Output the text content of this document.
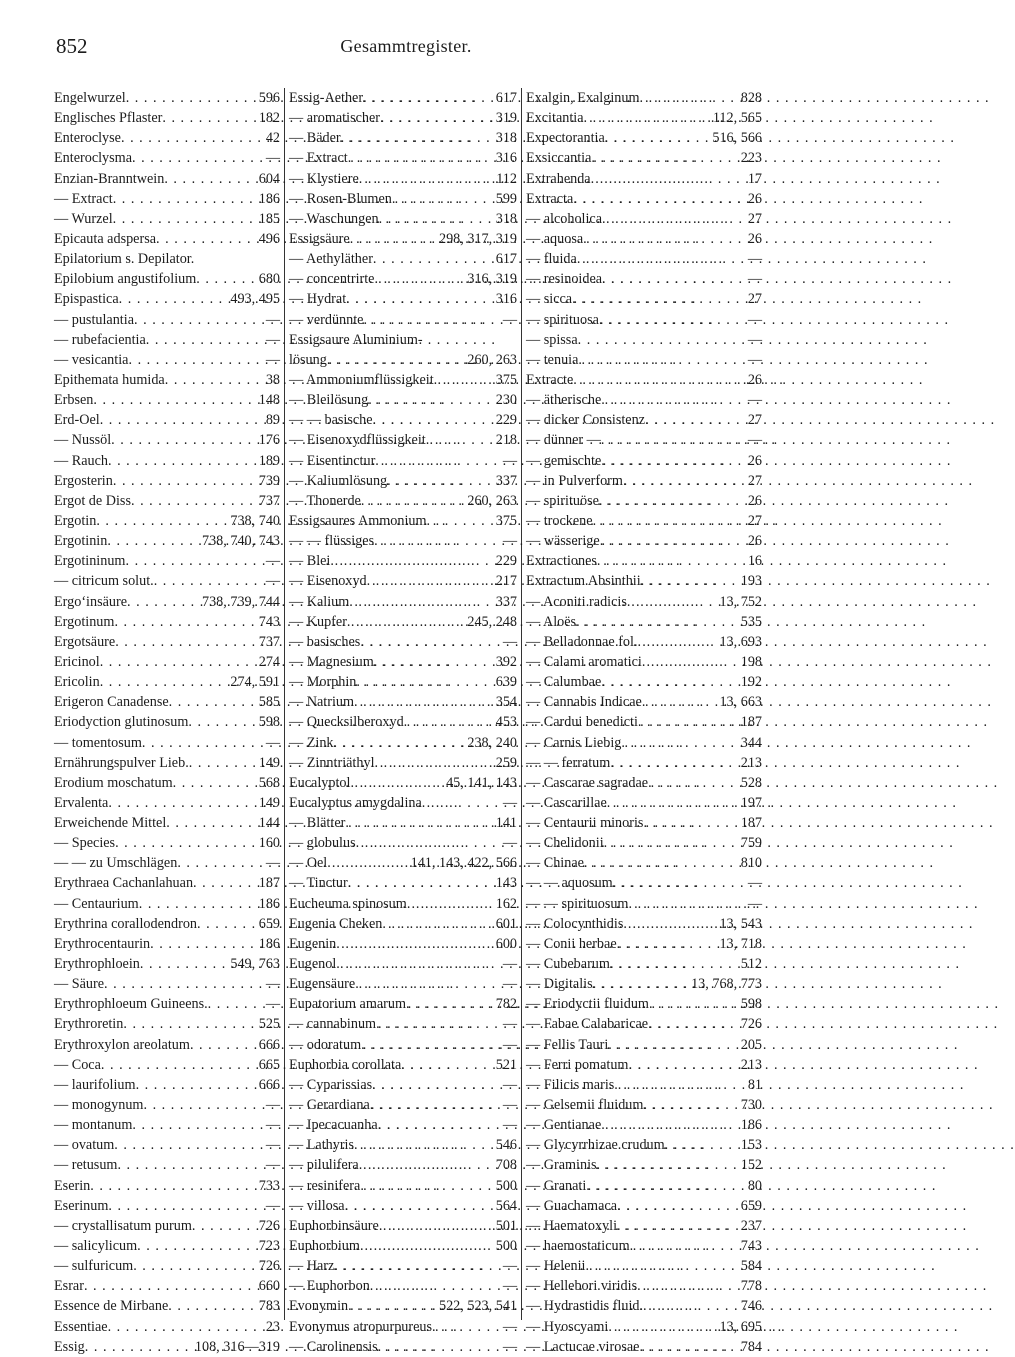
852	Gesammtregister.
Engelwurzel . . .	596
Englisches Pflaster . . .	182
Enteroclyse . . .	42
Enteroclysma . . .	—
Enzian-Branntwein . . .	604
— Extract . . .	186
— Wurzel . . .	185
Epicauta adspersa . . .	496
Epilatorium s. Depilator.
Epilobium angustifolium . . .	680
Epispastica . . .	493, 495
— pustulantia . . .	—
— rubefacientia . . .	—
— vesicantia . . .	—
Epithemata humida . . .	38
Erbsen . . .	148
Erd-Oel . . .	89
— Nussöl . . .	176
— Rauch . . .	189
Ergosterin . . .	739
Ergot de Diss . . .	737
Ergotin . . .	738, 740
Ergotinin . . .	738, 740, 743
Ergotininum . . .	—
— citricum solut. . . .	—
Ergo‘insäure . . .	738, 739, 744
Ergotinum . . .	743
Ergotsäure . . .	737
Ericinol . . .	274
Ericolin . . .	274, 591
Erigeron Canadense . . .	585
Eriodyction glutinosum . . .	598
— tomentosum . . .	—
Ernährungspulver Lieb. . . .	149
Erodium moschatum . . .	568
Ervalenta . . .	149
Erweichende Mittel . . .	144
— Species . . .	160
— — zu Umschlägen . . .	—
Erythraea Cachanlahuan . . .	187
— Centaurium . . .	186
Erythrina corallodendron . . .	659
Erythrocentaurin . . .	186
Erythrophloein . . .	549, 763
— Säure . . .	—
Erythrophloeum Guineens. . . .	—
Erythroretin . . .	525
Erythroxylon areolatum . . .	666
— Coca . . .	665
— laurifolium . . .	666
— monogynum . . .	—
— montanum . . .	—
— ovatum . . .	—
— retusum . . .	—
Eserin . . .	733
Eserinum . . .	—
— crystallisatum purum . . .	726
— salicylicum . . .	723
— sulfuricum . . .	726
Esrar . . .	660
Essence de Mirbane . . .	783
Essentiae . . .	23
Essig . . .	108, 316—319
Essig-Aether . . .	617
— aromatischer . . .	319
— Bäder . . .	318
— Extract . . .	316
— Klystiere . . .	112
— Rosen-Blumen . . .	599
— Waschungen . . .	318
Essigsäure . . .	298, 317, 319
— Aethyläther . . .	617
— concentrirte . . .	316, 319
— Hydrat . . .	316
— verdünnte . . .	—
Essigsaure Aluminium-
lösung . . .	260, 263
— Ammoniumflüssigkeit . . .	375
— Bleilösung . . .	230
— — basische . . .	229
— Eisenoxydflüssigkeit . . .	218
— Eisentinctur . . .	—
— Kaliumlösung . . .	337
— Thonerde . . .	260, 263
Essigsaures Ammonium . . .	375
— — flüssiges . . .	—
— Blei . . .	229
— Eisenoxyd . . .	217
— Kalium . . .	337
— Kupfer . . .	245, 248
— basisches . . .	—
— Magnesium . . .	392
— Morphin . . .	639
— Natrium . . .	354
— Quecksilberoxyd . . .	453
— Zink . . .	238, 240
— Zinntriäthyl . . .	259
Eucalyptol . . .	45, 141, 143
Eucalyptus amygdalina . . .	—
— Blätter . . .	141
— globulus . . .	—
— Oel . . .	141, 143, 422, 566
— Tinctur . . .	143
Eucheuma spinosum . . .	162
Eugenia Cheken . . .	601
Eugenin . . .	600
Eugenol . . .	—
Eugensäure . . .	—
Eupatorium amarum . . .	782
— cannabinum . . .	—
— odoratum . . .	—
Euphorbia corollata . . .	521
— Cyparissias . . .	—
— Gerardiana . . .	—
— Ipecacuanha . . .	—
— Lathyris . . .	546
— pilulifera . . .	708
— resinifera . . .	500
— villosa . . .	564
Euphorbinsäure . . .	501
Euphorbium . . .	500
— Harz . . .	—
— Euphorbon . . .	—
Evonymin . . .	522, 523, 541
Evonymus atropurpureus . . .	—
— Carolinensis . . .	—
Exalgin, Exalginum . . .	828
Excitantia . . .	112, 565
Expectorantia . . .	516, 566
Exsiccantia . . .	223
Extrahenda . . .	17
Extracta . . .	26
— alcoholica . . .	27
— aquosa . . .	26
— fluida . . .	—
— resinoidea . . .	—
— sicca . . .	27
— spirituosa . . .	—
— spissa . . .	—
— tenuia . . .	—
Extracte . . .	26
— ätherische . . .	—
— dicker Consistenz . . .	27
— dünner — . . .	—
— gemischte . . .	26
— in Pulverform . . .	27
— spirituöse . . .	26
— trockene . . .	27
— wässerige . . .	26
Extractiones . . .	16
Extractum Absinthii . . .	193
— Aconiti radicis . . .	13, 752
— Aloës . . .	535
— Belladonnae fol. . . .	13, 693
— Calami aromatici . . .	198
— Calumbae . . .	192
— Cannabis Indicae . . .	13, 663
— Cardui benedicti . . .	187
— Carnis Liebig . . .	344
— — ferratum . . .	213
— Cascarae sagradae . . .	528
— Cascarillae . . .	197
— Centaurii minoris . . .	187
— Chelidonii . . .	759
— Chinae . . .	810
— — aquosum . . .	—
— — spirituosum . . .	—
— Colocynthidis . . .	13, 543
— Conii herbae . . .	13, 718
— Cubebarum . . .	512
— Digitalis . . .	13, 768, 773
— Eriodyctii fluidum . . .	598
— Fabae Calabaricae . . .	726
— Fellis Tauri . . .	205
— Ferri pomatum . . .	213
— Filicis maris . . .	81
— Gelsemii fluidum . . .	730
— Gentianae . . .	186
— Glycyrrhizae crudum . . .	153
— Graminis . . .	152
— Granati . . .	80
— Guachamaca . . .	659
— Haematoxyli . . .	237
— haemostaticum . . .	743
— Helenii . . .	584
— Hellebori viridis . . .	778
— Hydrastidis fluid. . . .	746
— Hyoscyami . . .	13, 695
— Lactucae virosae . . .	784
